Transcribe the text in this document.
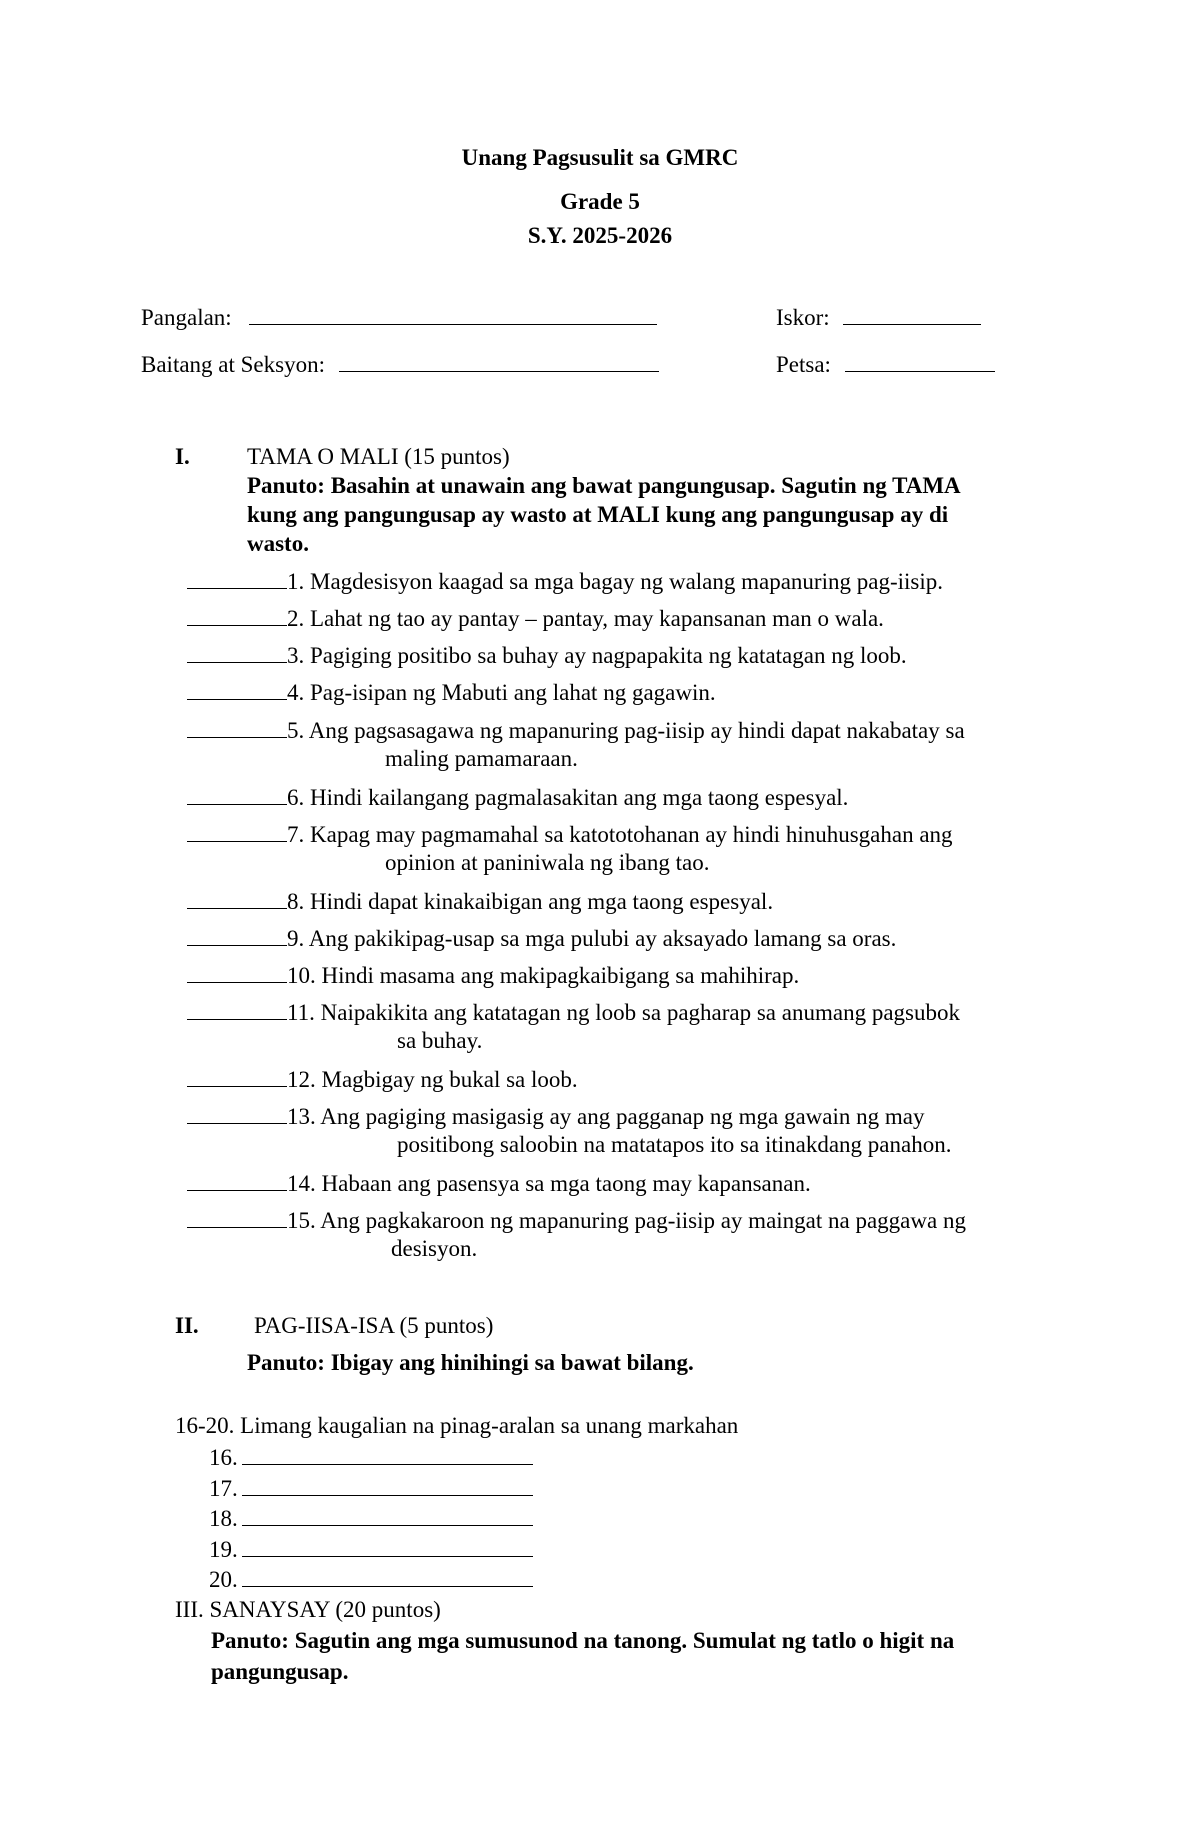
Unang Pagsusulit sa GMRC
Grade 5
S.Y. 2025-2026
Pangalan:	Iskor:
Baitang at Seksyon:	Petsa:
I. TAMA O MALI (15 puntos)
Panuto: Basahin at unawain ang bawat pangungusap. Sagutin ng TAMA
kung ang pangungusap ay wasto at MALI kung ang pangungusap ay di
wasto.
1. Magdesisyon kaagad sa mga bagay ng walang mapanuring pag-iisip.
2. Lahat ng tao ay pantay – pantay, may kapansanan man o wala.
3. Pagiging positibo sa buhay ay nagpapakita ng katatagan ng loob.
4. Pag-isipan ng Mabuti ang lahat ng gagawin.
5. Ang pagsasagawa ng mapanuring pag-iisip ay hindi dapat nakabatay sa
maling pamamaraan.
6. Hindi kailangang pagmalasakitan ang mga taong espesyal.
7. Kapag may pagmamahal sa katototohanan ay hindi hinuhusgahan ang
opinion at paniniwala ng ibang tao.
8. Hindi dapat kinakaibigan ang mga taong espesyal.
9. Ang pakikipag-usap sa mga pulubi ay aksayado lamang sa oras.
10. Hindi masama ang makipagkaibigang sa mahihirap.
11. Naipakikita ang katatagan ng loob sa pagharap sa anumang pagsubok
sa buhay.
12. Magbigay ng bukal sa loob.
13. Ang pagiging masigasig ay ang pagganap ng mga gawain ng may
positibong saloobin na matatapos ito sa itinakdang panahon.
14. Habaan ang pasensya sa mga taong may kapansanan.
15. Ang pagkakaroon ng mapanuring pag-iisip ay maingat na paggawa ng
desisyon.
II. PAG-IISA-ISA (5 puntos)
Panuto: Ibigay ang hinihingi sa bawat bilang.
16-20. Limang kaugalian na pinag-aralan sa unang markahan
16.
17.
18.
19.
20.
III. SANAYSAY (20 puntos)
Panuto: Sagutin ang mga sumusunod na tanong. Sumulat ng tatlo o higit na
pangungusap.
